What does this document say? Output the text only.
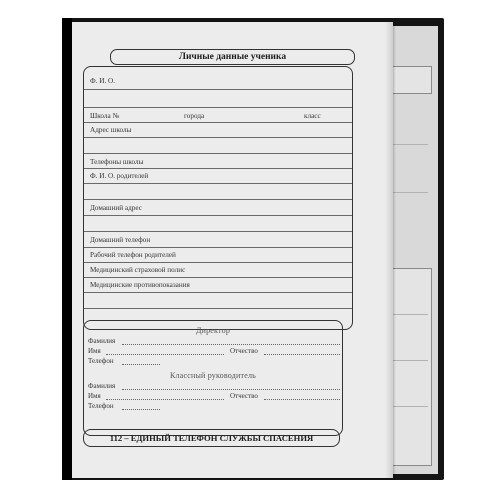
Личные данные ученика
Ф. И. О.
Школа №	города	класс
Адрес школы
Телефоны школы
Ф. И. О. родителей
Домашний адрес
Домашний телефон
Рабочий телефон родителей
Медицинский страховой полис
Медицинские противопоказания
Директор
Фамилия
Имя	Отчество
Телефон
Классный руководитель
Фамилия
Имя	Отчество
Телефон
112 – ЕДИНЫЙ ТЕЛЕФОН СЛУЖБЫ СПАСЕНИЯ
